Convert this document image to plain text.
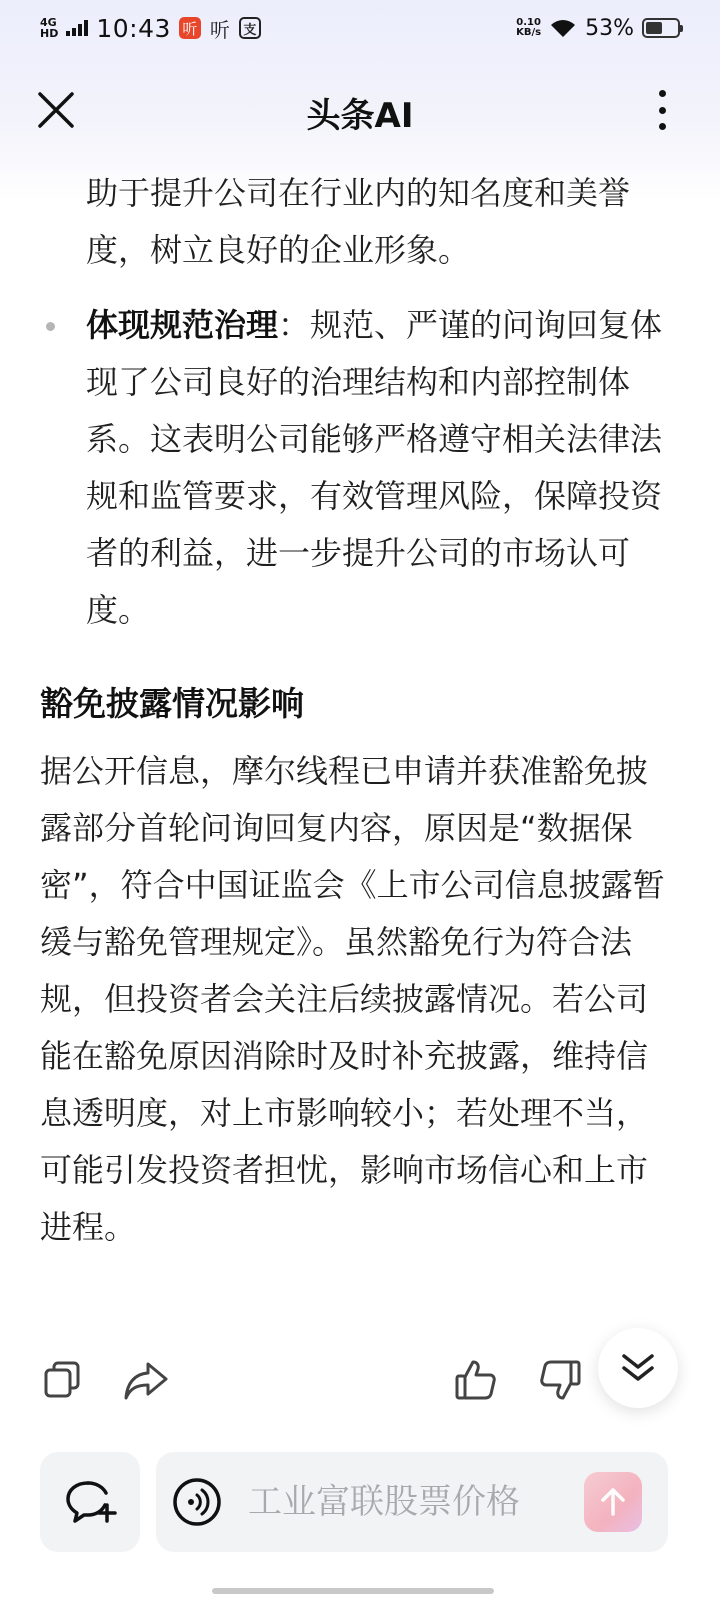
4G
HD 10:43 听 听	支
0.10
KB/s 53%
头条AI
助于提升公司在行业内的知名度和美誉度，树立良好的企业形象。
体现规范治理：规范、严谨的问询回复体现了公司良好的治理结构和内部控制体系。这表明公司能够严格遵守相关法律法规和监管要求，有效管理风险，保障投资者的利益，进一步提升公司的市场认可度。
豁免披露情况影响
据公开信息，摩尔线程已申请并获准豁免披露部分首轮问询回复内容，原因是“数据保密”，符合中国证监会《上市公司信息披露暂缓与豁免管理规定》。虽然豁免行为符合法规，但投资者会关注后续披露情况。若公司能在豁免原因消除时及时补充披露，维持信息透明度，对上市影响较小；若处理不当，可能引发投资者担忧，影响市场信心和上市进程。
工业富联股票价格
